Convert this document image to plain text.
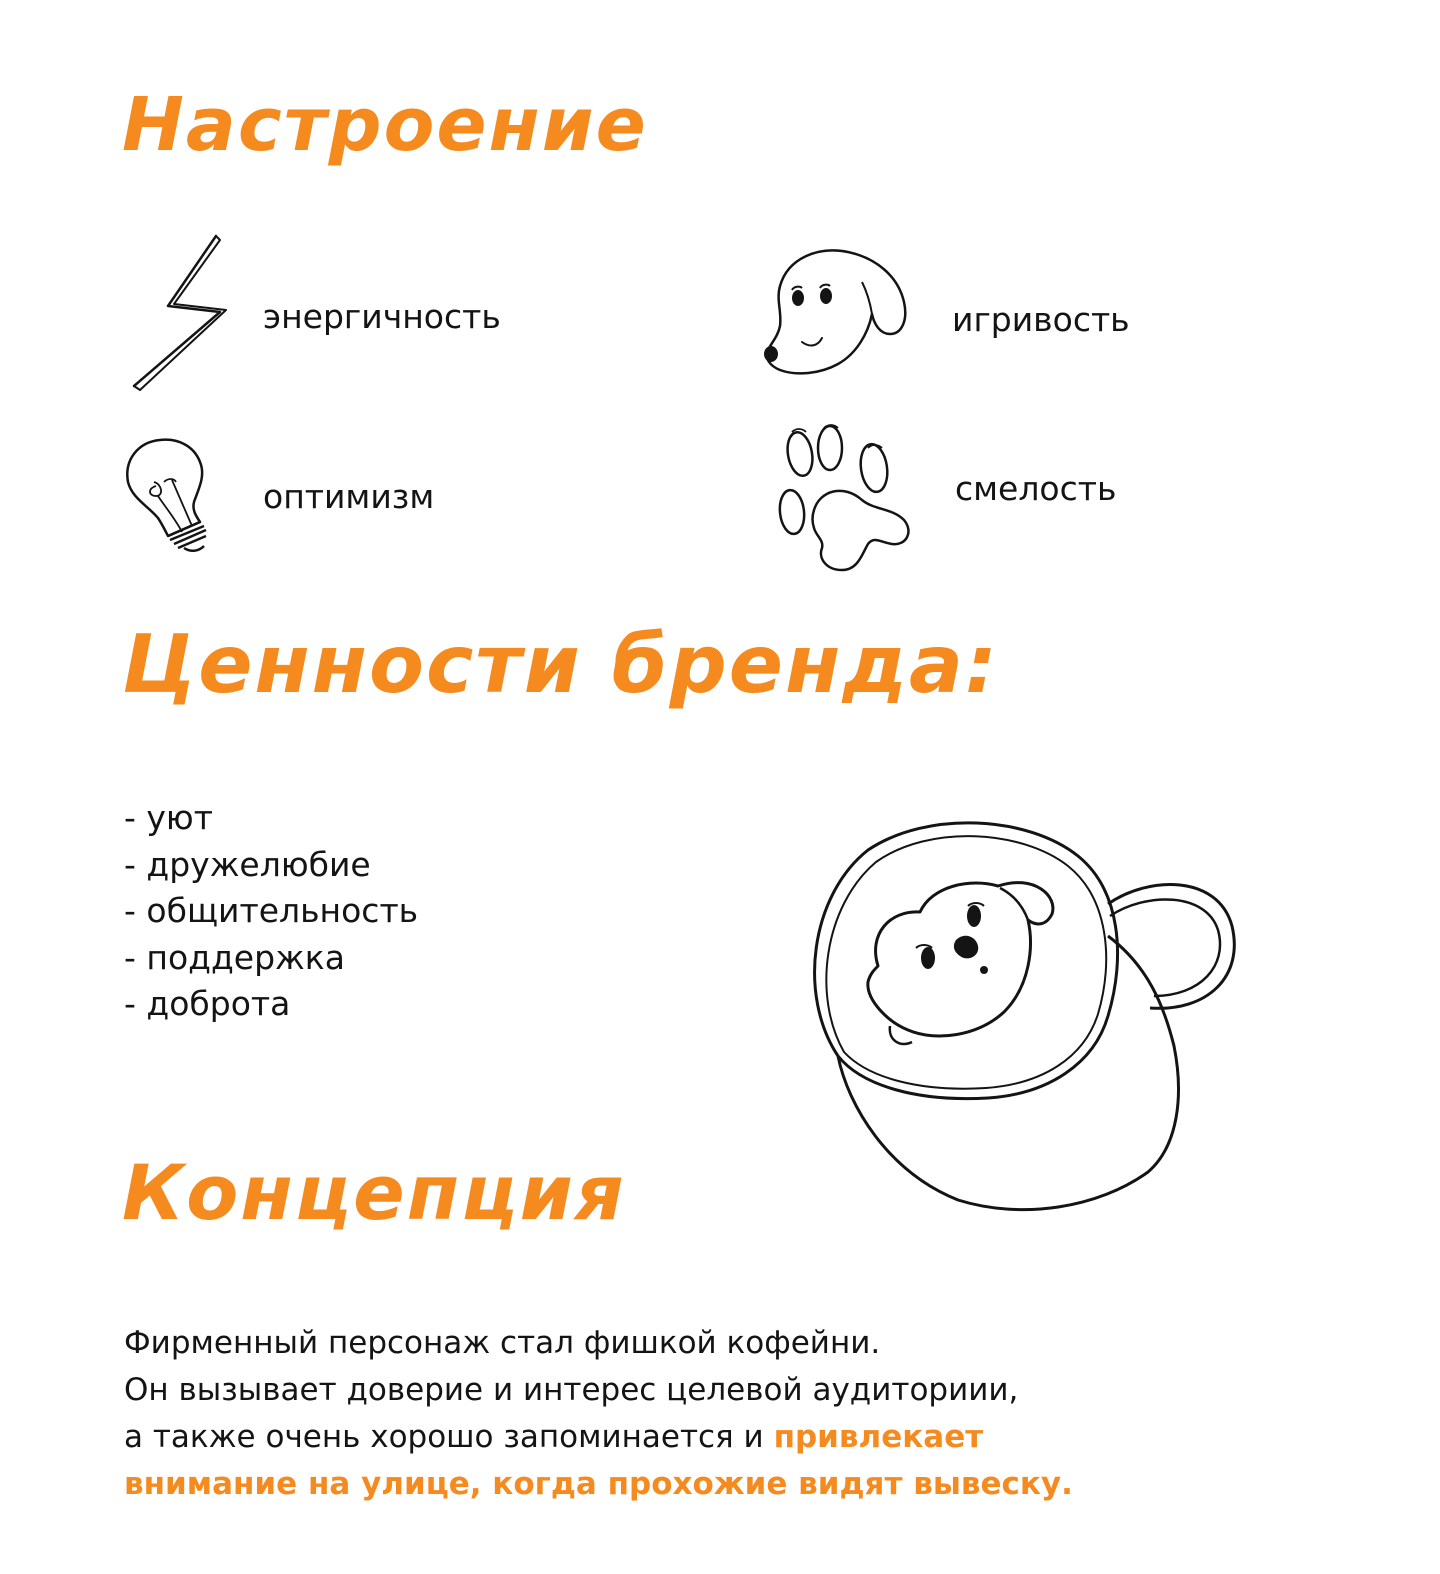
Настроение
энергичность	игривость
оптимизм	смелость
Ценности бренда:
- уют
- дружелюбие
- общительность
- поддержка
- доброта
Концепция

Фирменный персонаж стал фишкой кофейни.
Он вызывает доверие и интерес целевой аудиториии,
а также очень хорошо запоминается и привлекает
внимание на улице, когда прохожие видят вывеску.
